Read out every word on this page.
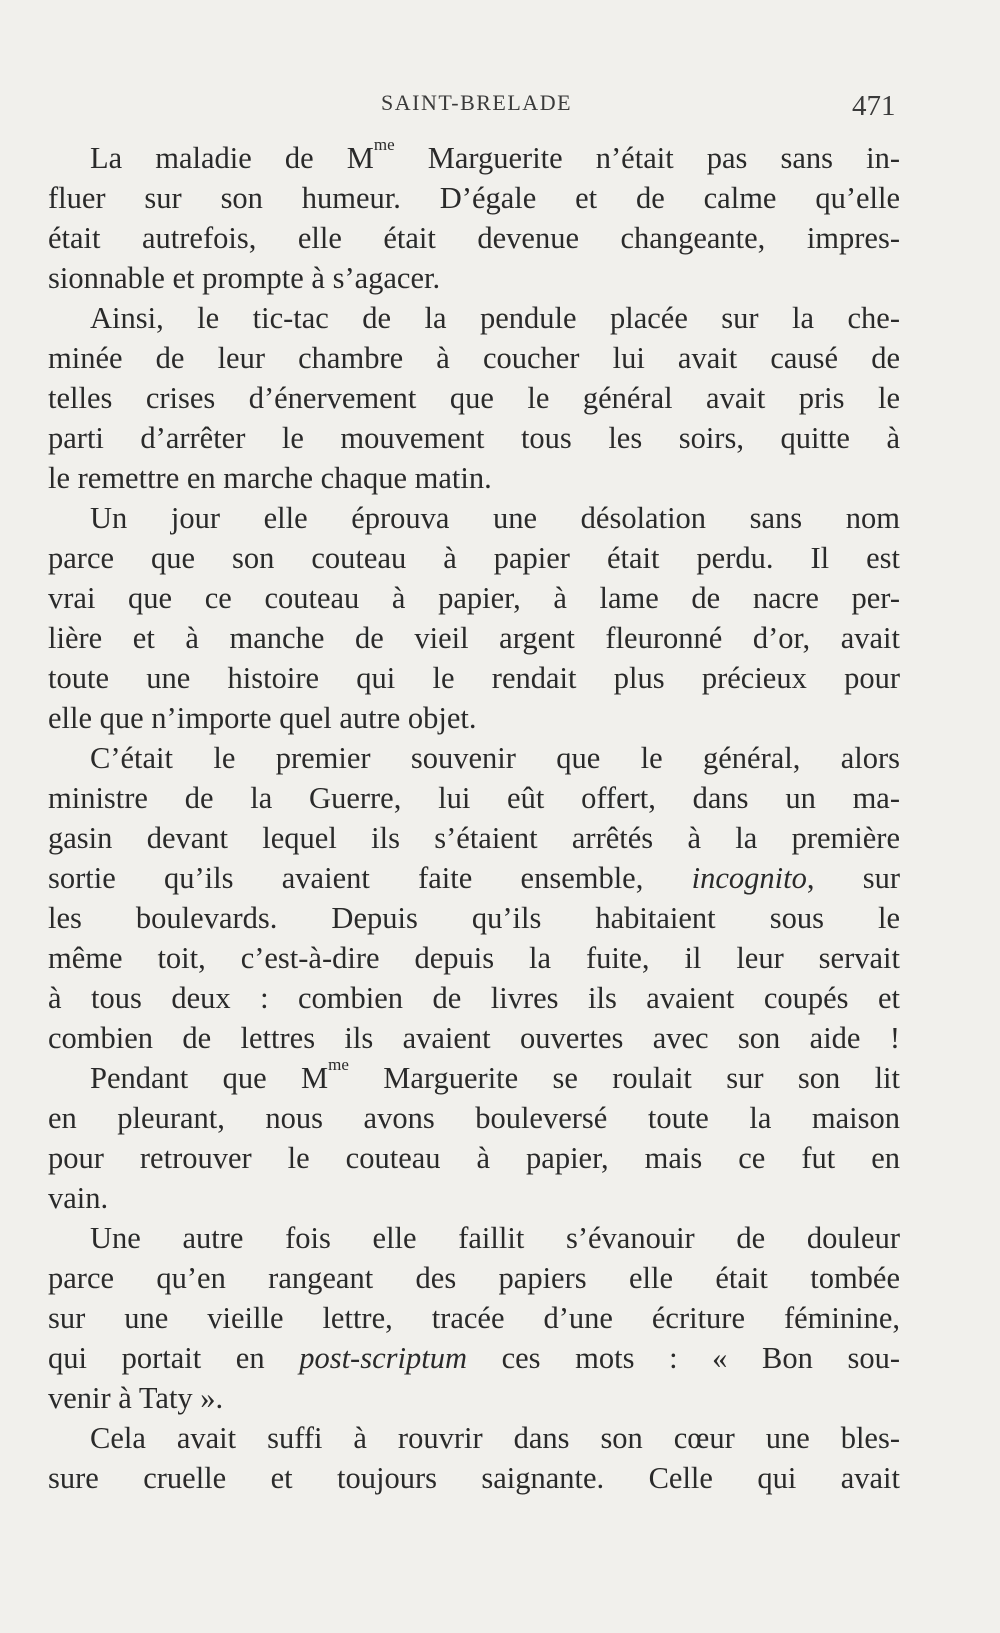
SAINT-BRELADE	471
La maladie de $M^{me}$ Marguerite n’était pas sans in-
fluer sur son humeur. D’égale et de calme qu’elle
était autrefois, elle était devenue changeante, impres-
sionnable et prompte à s’agacer.
Ainsi, le tic-tac de la pendule placée sur la che-
minée de leur chambre à coucher lui avait causé de
telles crises d’énervement que le général avait pris le
parti d’arrêter le mouvement tous les soirs, quitte à
le remettre en marche chaque matin.
Un jour elle éprouva une désolation sans nom
parce que son couteau à papier était perdu. Il est
vrai que ce couteau à papier, à lame de nacre per-
lière et à manche de vieil argent fleuronné d’or, avait
toute une histoire qui le rendait plus précieux pour
elle que n’importe quel autre objet.
C’était le premier souvenir que le général, alors
ministre de la Guerre, lui eût offert, dans un ma-
gasin devant lequel ils s’étaient arrêtés à la première
sortie qu’ils avaient faite ensemble, incognito, sur
les boulevards. Depuis qu’ils habitaient sous le
même toit, c’est-à-dire depuis la fuite, il leur servait
à tous deux : combien de livres ils avaient coupés et
combien de lettres ils avaient ouvertes avec son aide !
Pendant que $M^{me}$ Marguerite se roulait sur son lit
en pleurant, nous avons bouleversé toute la maison
pour retrouver le couteau à papier, mais ce fut en
vain.
Une autre fois elle faillit s’évanouir de douleur
parce qu’en rangeant des papiers elle était tombée
sur une vieille lettre, tracée d’une écriture féminine,
qui portait en post-scriptum ces mots : « Bon sou-
venir à Taty ».
Cela avait suffi à rouvrir dans son cœur une bles-
sure cruelle et toujours saignante. Celle qui avait
